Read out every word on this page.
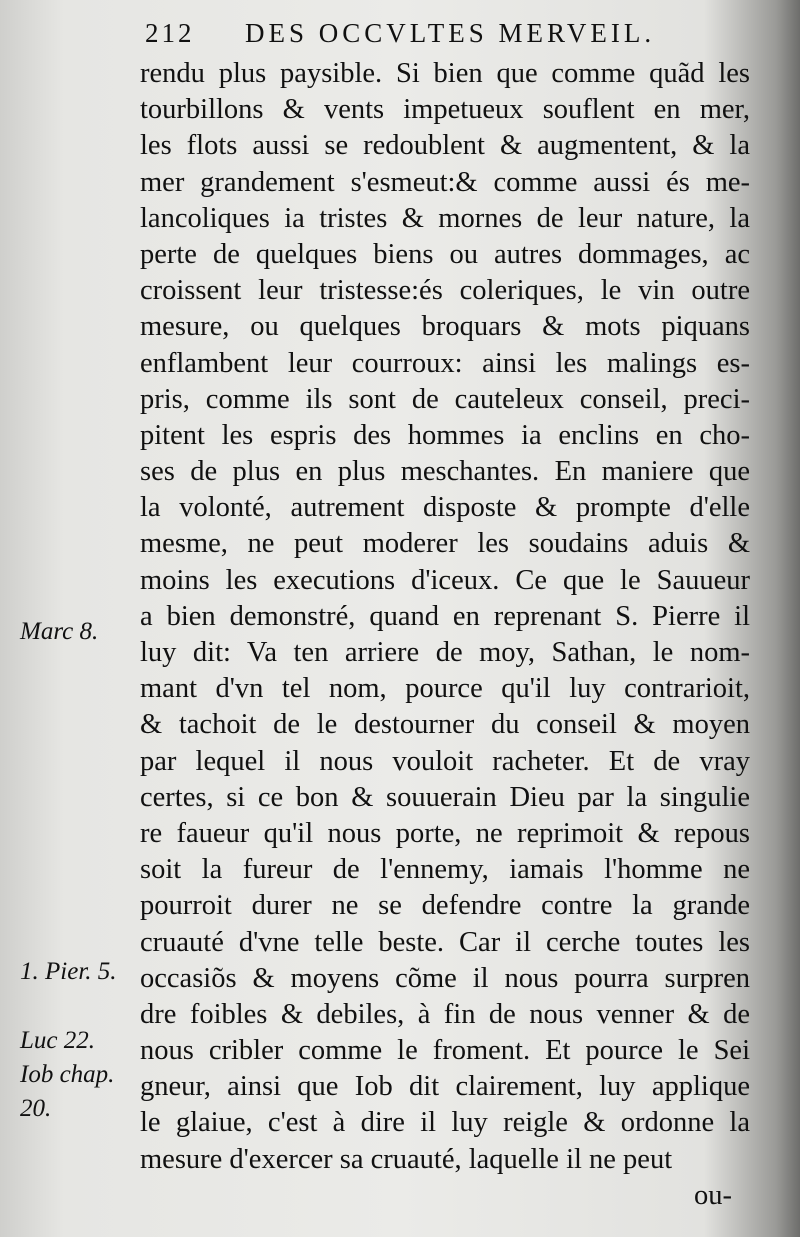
212 DES OCCVLTES MERVEIL.
rendu plus paysible. Si bien que comme quãd les
tourbillons & vents impetueux souflent en mer,
les flots aussi se redoublent & augmentent, & la
mer grandement s'esmeut:& comme aussi és me-
lancoliques ia tristes & mornes de leur nature, la
perte de quelques biens ou autres dommages, ac
croissent leur tristesse:és coleriques, le vin outre
mesure, ou quelques broquars & mots piquans
enflambent leur courroux: ainsi les malings es-
pris, comme ils sont de cauteleux conseil, preci-
pitent les espris des hommes ia enclins en cho-
ses de plus en plus meschantes. En maniere que
la volonté, autrement disposte & prompte d'elle
mesme, ne peut moderer les soudains aduis &
moins les executions d'iceux. Ce que le Sauueur
a bien demonstré, quand en reprenant S. Pierre il
luy dit: Va ten arriere de moy, Sathan, le nom-
mant d'vn tel nom, pource qu'il luy contrarioit,
& tachoit de le destourner du conseil & moyen
par lequel il nous vouloit racheter. Et de vray
certes, si ce bon & souuerain Dieu par la singulie
re faueur qu'il nous porte, ne reprimoit & repous
soit la fureur de l'ennemy, iamais l'homme ne
pourroit durer ne se defendre contre la grande
cruauté d'vne telle beste. Car il cerche toutes les
occasiõs & moyens cõme il nous pourra surpren
dre foibles & debiles, à fin de nous venner & de
nous cribler comme le froment. Et pource le Sei
gneur, ainsi que Iob dit clairement, luy applique
le glaiue, c'est à dire il luy reigle & ordonne la
mesure d'exercer sa cruauté, laquelle il ne peut
ou-
Marc 8.
1. Pier. 5.
Luc 22.
Iob chap.
20.
